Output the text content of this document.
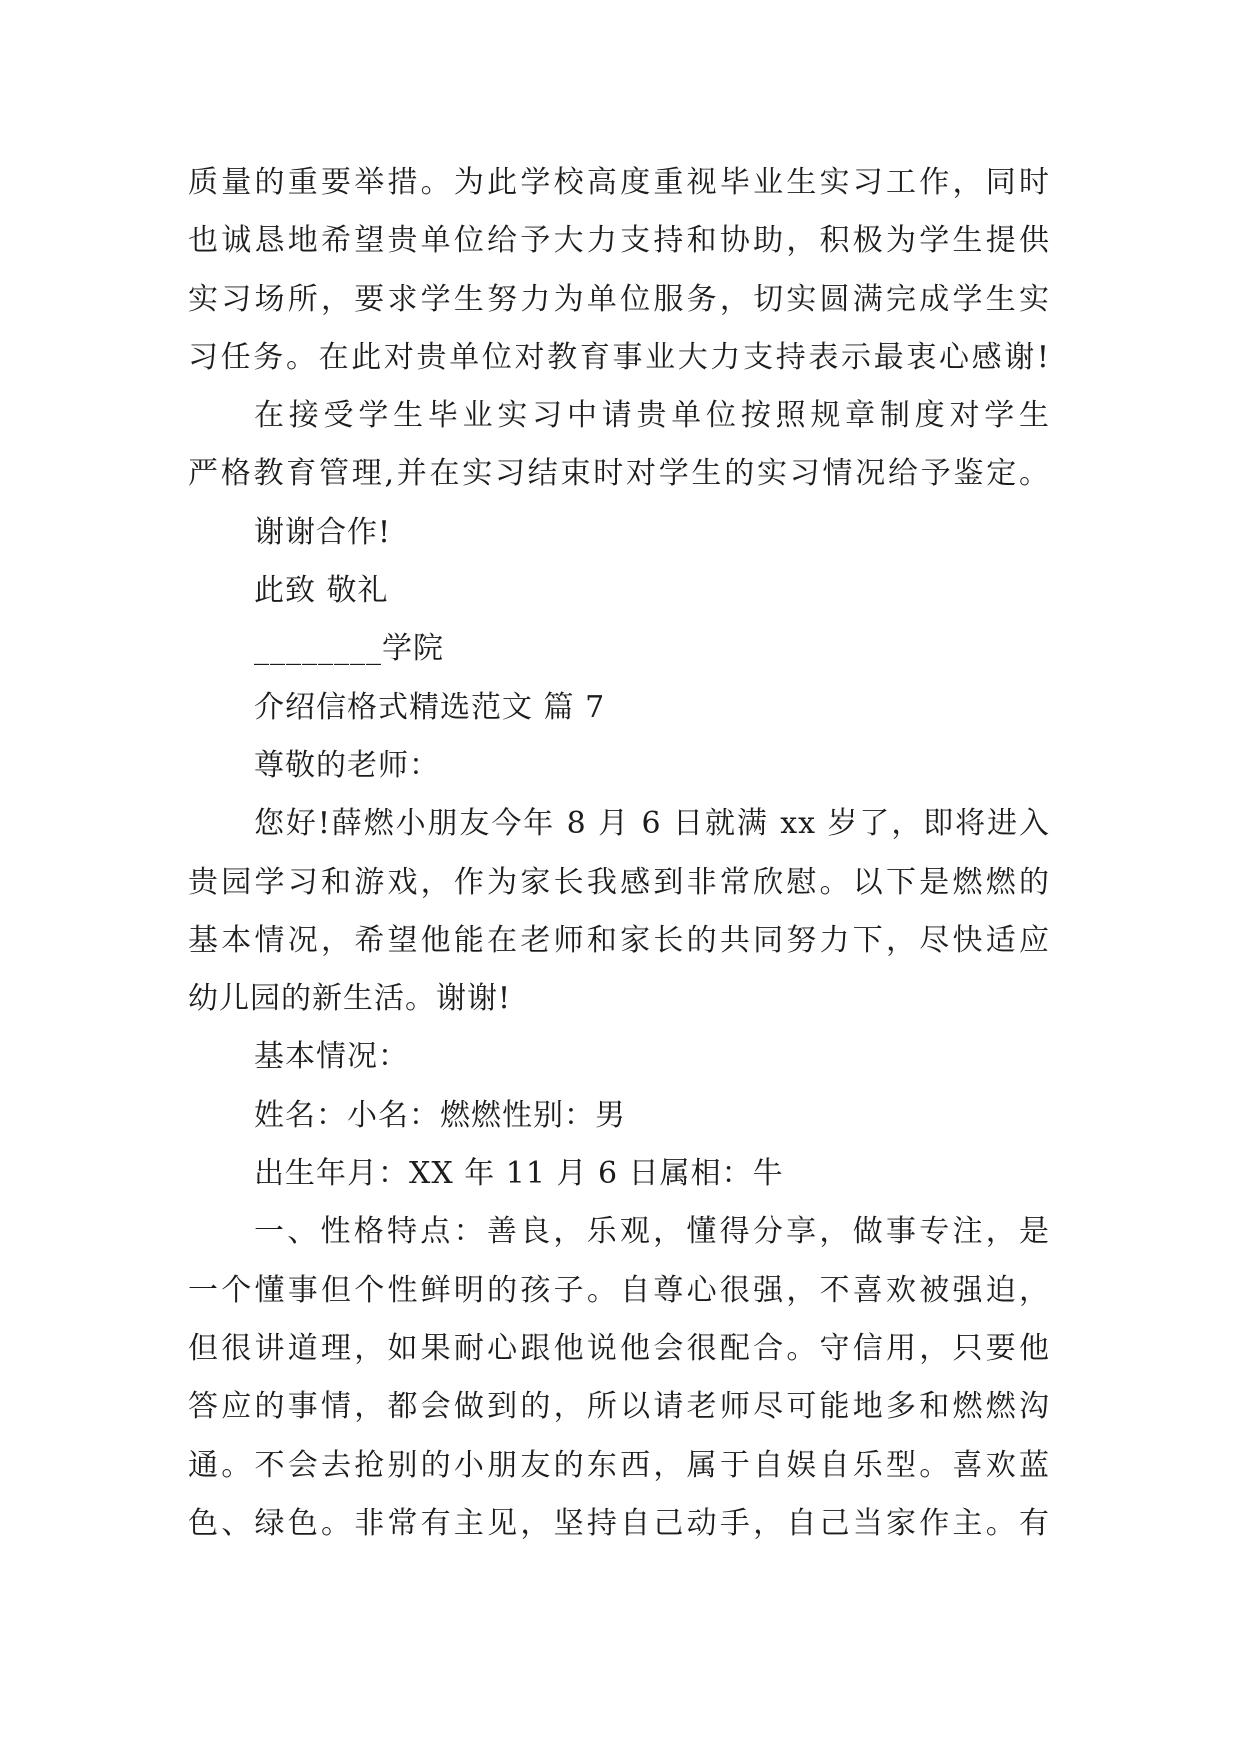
质量的重要举措。为此学校高度重视毕业生实习工作，同时
也诚恳地希望贵单位给予大力支持和协助，积极为学生提供
实习场所，要求学生努力为单位服务，切实圆满完成学生实
习任务。在此对贵单位对教育事业大力支持表示最衷心感谢!
在接受学生毕业实习中请贵单位按照规章制度对学生
严格教育管理,并在实习结束时对学生的实习情况给予鉴定。
谢谢合作!
此致 敬礼
________学院
介绍信格式精选范文 篇 7
尊敬的老师：
您好!薛燃小朋友今年 8 月 6 日就满 xx 岁了，即将进入
贵园学习和游戏，作为家长我感到非常欣慰。以下是燃燃的
基本情况，希望他能在老师和家长的共同努力下，尽快适应
幼儿园的新生活。谢谢!
基本情况：
姓名：小名：燃燃性别：男
出生年月：XX 年 11 月 6 日属相：牛
一、性格特点：善良，乐观，懂得分享，做事专注，是
一个懂事但个性鲜明的孩子。自尊心很强，不喜欢被强迫，
但很讲道理，如果耐心跟他说他会很配合。守信用，只要他
答应的事情，都会做到的，所以请老师尽可能地多和燃燃沟
通。不会去抢别的小朋友的东西，属于自娱自乐型。喜欢蓝
色、绿色。非常有主见，坚持自己动手，自己当家作主。有
